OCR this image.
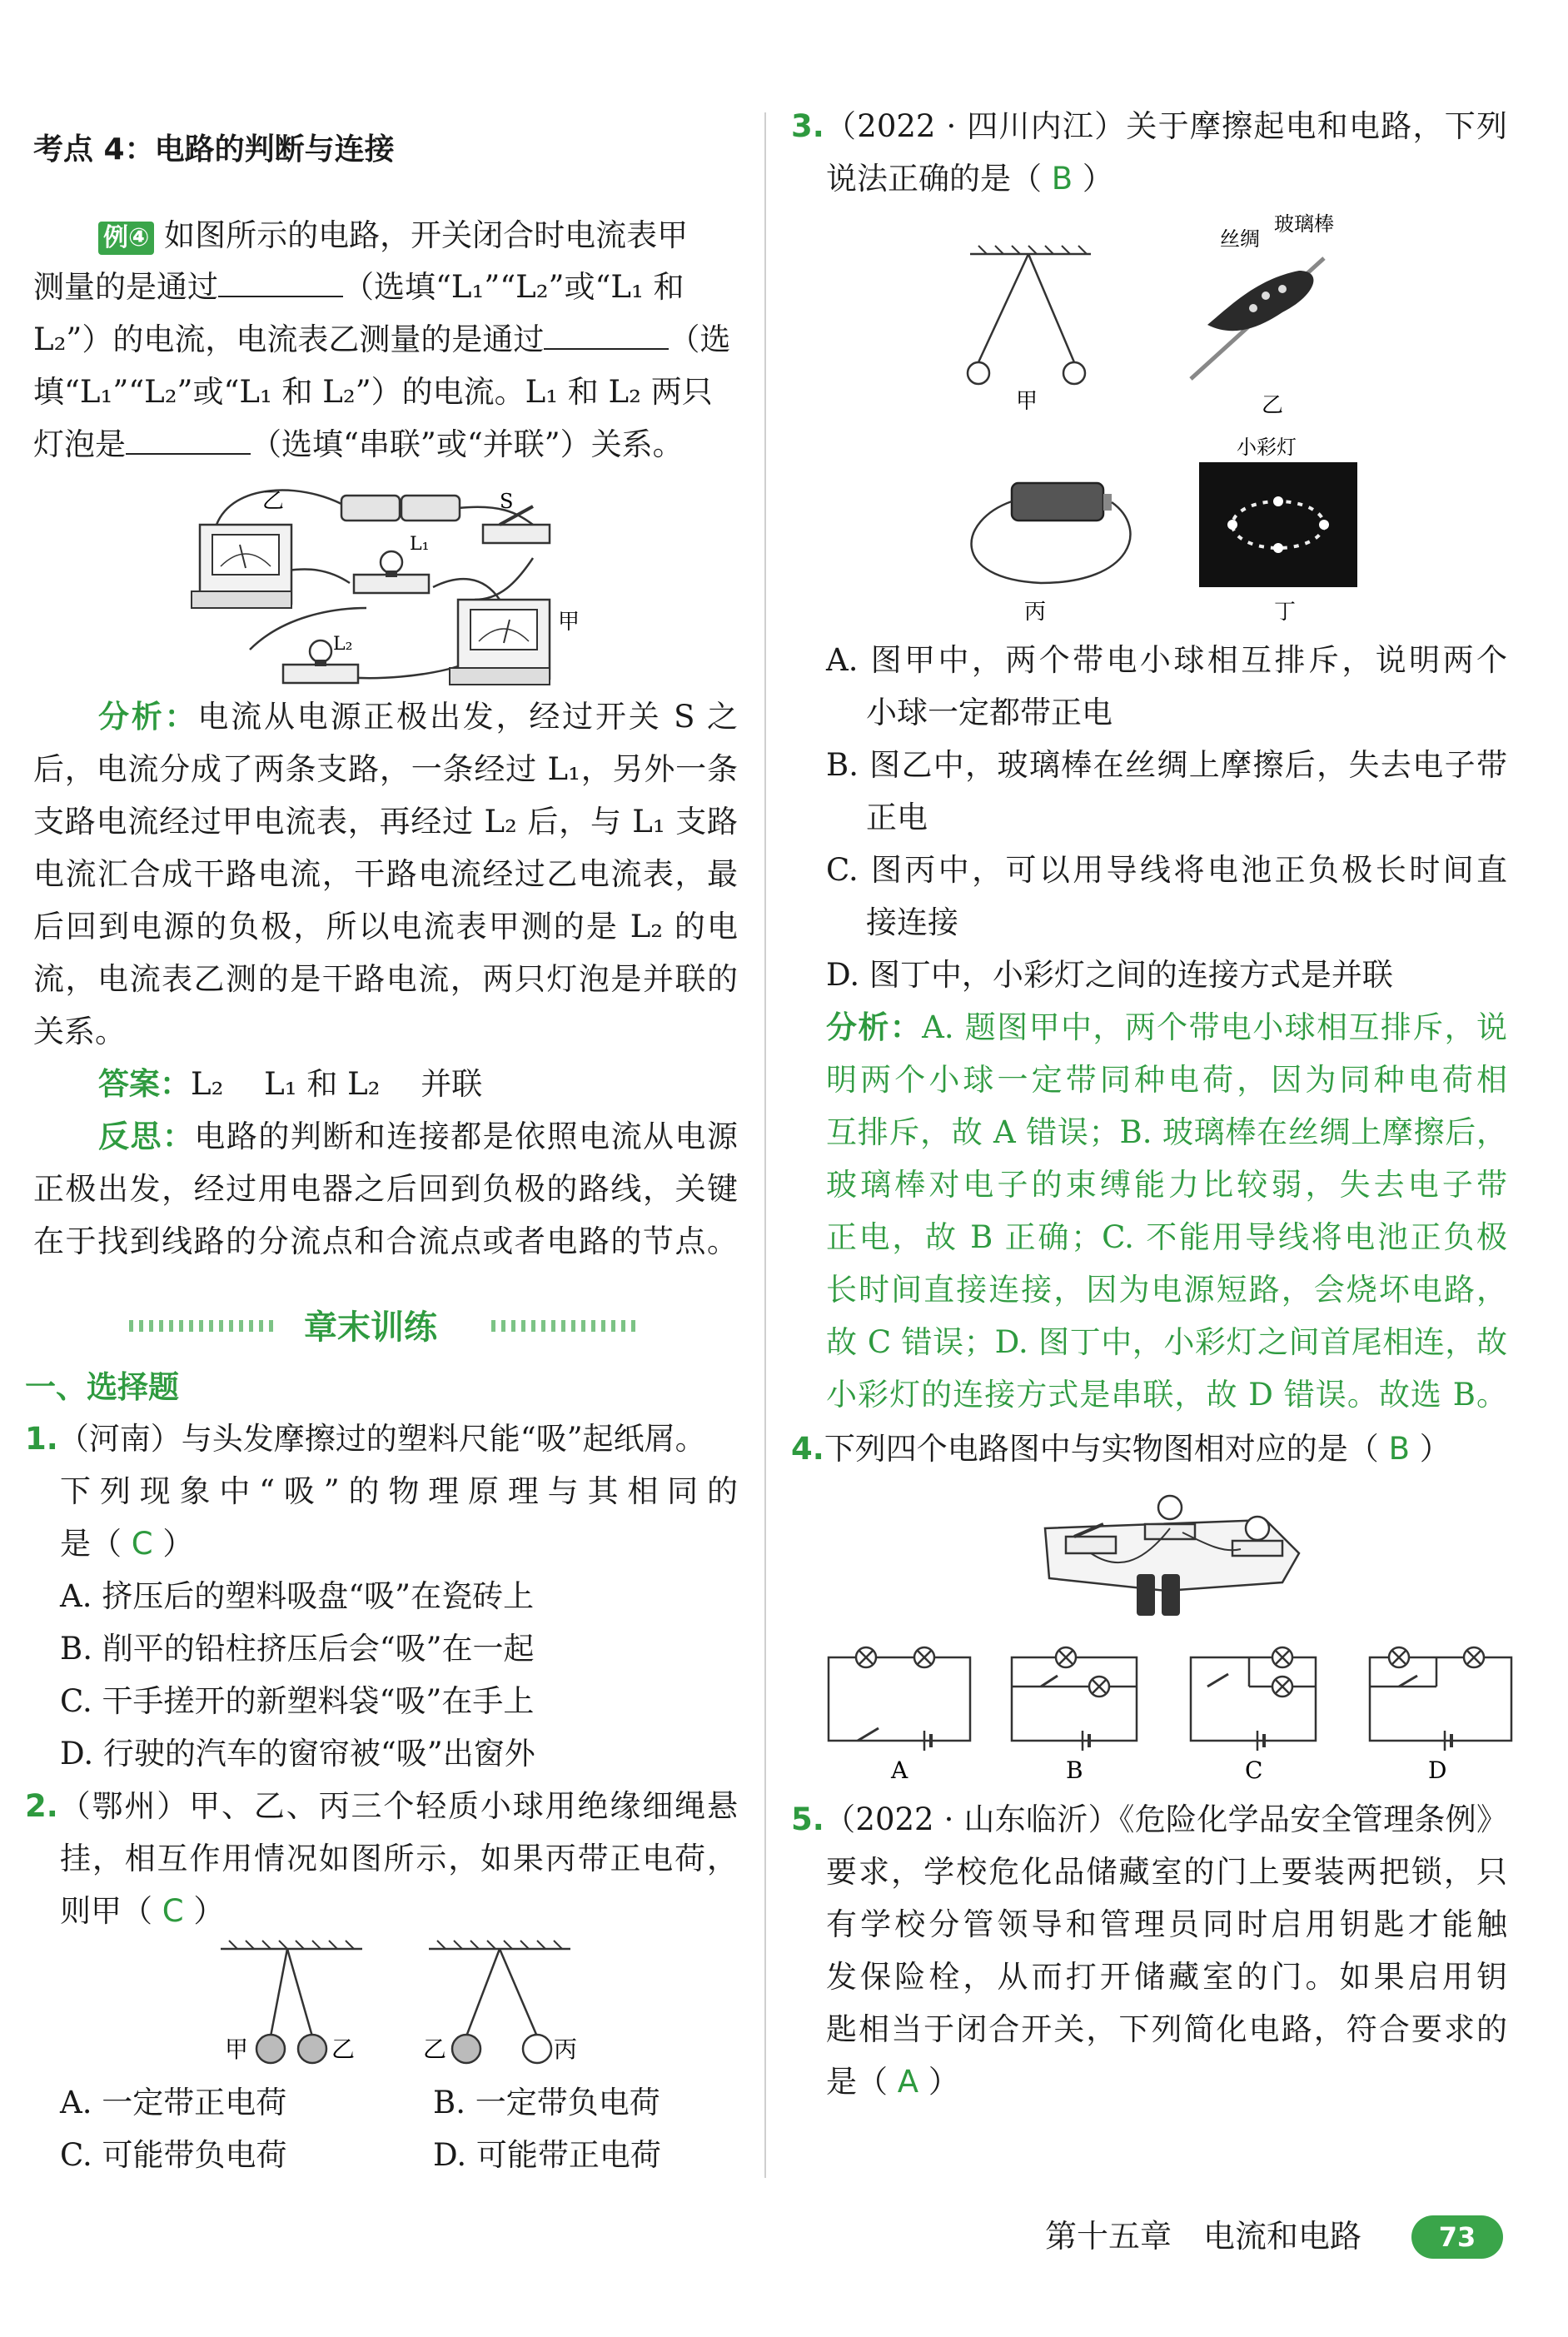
考点 4：电路的判断与连接
例④ 如图所示的电路，开关闭合时电流表甲
测量的是通过	（选填“L₁”“L₂”或“L₁ 和
L₂”）的电流，电流表乙测量的是通过	（选
填“L₁”“L₂”或“L₁ 和 L₂”）的电流。L₁ 和 L₂ 两只
灯泡是	（选填“串联”或“并联”）关系。
乙	S
L₁
L₂
甲
分析：电流从电源正极出发，经过开关 S 之
后，电流分成了两条支路，一条经过 L₁，另外一条
支路电流经过甲电流表，再经过 L₂ 后，与 L₁ 支路
电流汇合成干路电流，干路电流经过乙电流表，最
后回到电源的负极，所以电流表甲测的是 L₂ 的电
流，电流表乙测的是干路电流，两只灯泡是并联的
关系。
答案：L₂　 L₁ 和 L₂　 并联
反思：电路的判断和连接都是依照电流从电源
正极出发，经过用电器之后回到负极的路线，关键
在于找到线路的分流点和合流点或者电路的节点。
章末训练
一、选择题
1.（河南）与头发摩擦过的塑料尺能“吸”起纸屑。
下列现象中“吸”的物理原理与其相同的
是（ C ）
A. 挤压后的塑料吸盘“吸”在瓷砖上
B. 削平的铅柱挤压后会“吸”在一起
C. 干手搓开的新塑料袋“吸”在手上
D. 行驶的汽车的窗帘被“吸”出窗外
2.（鄂州）甲、乙、丙三个轻质小球用绝缘细绳悬
挂，相互作用情况如图所示，如果丙带正电荷，
则甲（ C ）
甲	乙	乙	丙
A. 一定带正电荷	B. 一定带负电荷
C. 可能带负电荷	D. 可能带正电荷
3.（2022 · 四川内江）关于摩擦起电和电路，下列
说法正确的是（ B ）
甲
丝绸
玻璃棒
乙
丙
小彩灯
丁
A. 图甲中，两个带电小球相互排斥，说明两个
小球一定都带正电
B. 图乙中，玻璃棒在丝绸上摩擦后，失去电子带
正电
C. 图丙中，可以用导线将电池正负极长时间直
接连接
D. 图丁中，小彩灯之间的连接方式是并联
分析：A. 题图甲中，两个带电小球相互排斥，说
明两个小球一定带同种电荷，因为同种电荷相
互排斥，故 A 错误；B. 玻璃棒在丝绸上摩擦后，
玻璃棒对电子的束缚能力比较弱，失去电子带
正电，故 B 正确；C. 不能用导线将电池正负极
长时间直接连接，因为电源短路，会烧坏电路，
故 C 错误；D. 图丁中，小彩灯之间首尾相连，故
小彩灯的连接方式是串联，故 D 错误。故选 B。
4.下列四个电路图中与实物图相对应的是（ B ）
A	B	C	D
5.（2022 · 山东临沂）《危险化学品安全管理条例》
要求，学校危化品储藏室的门上要装两把锁，只
有学校分管领导和管理员同时启用钥匙才能触
发保险栓，从而打开储藏室的门。如果启用钥
匙相当于闭合开关，下列简化电路，符合要求的
是（ A ）
第十五章　电流和电路	73
